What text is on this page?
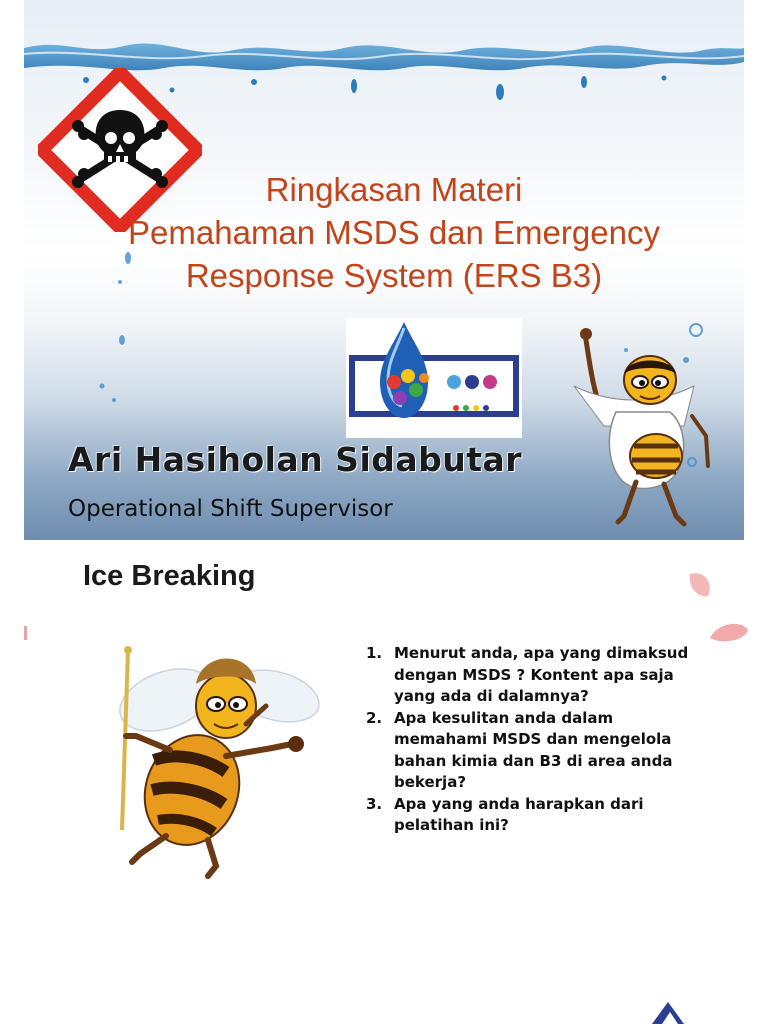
Ringkasan Materi
Pemahaman MSDS dan Emergency
Response System (ERS B3)
Ari Hasiholan Sidabutar
Operational Shift Supervisor
Ice Breaking
1. Menurut anda, apa yang dimaksud dengan MSDS ? Kontent apa saja yang ada di dalamnya?
2. Apa kesulitan anda dalam memahami MSDS dan mengelola bahan kimia dan B3 di area anda bekerja?
3. Apa yang anda harapkan dari pelatihan ini?
